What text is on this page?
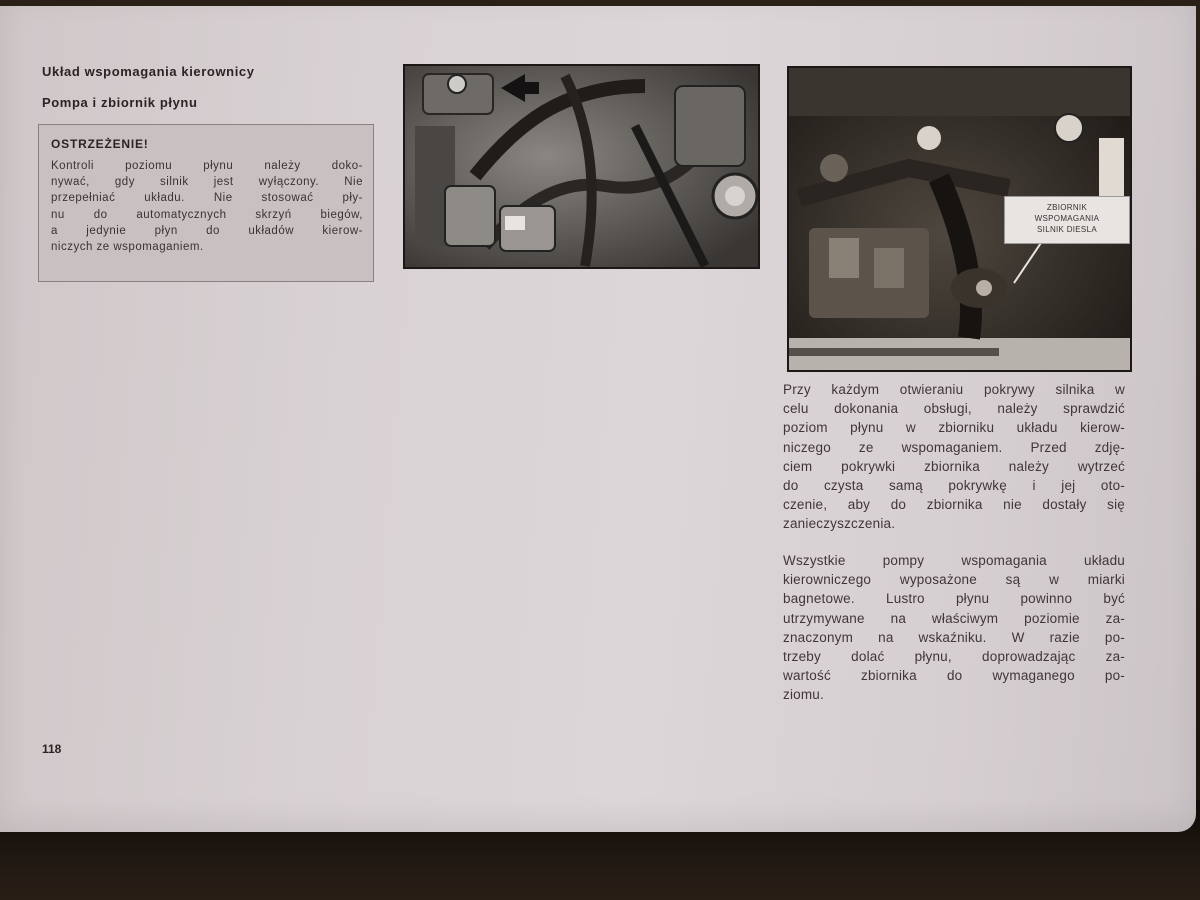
Układ wspomagania kierownicy
Pompa i zbiornik płynu
OSTRZEŻENIE!
Kontroli poziomu płynu należy doko-
nywać, gdy silnik jest wyłączony. Nie
przepełniać układu. Nie stosować pły-
nu do automatycznych skrzyń biegów,
a jedynie płyn do układów kierow-
niczych ze wspomaganiem.
ZBIORNIK
WSPOMAGANIA
SILNIK DIESLA
Przy każdym otwieraniu pokrywy silnika w
celu dokonania obsługi, należy sprawdzić
poziom płynu w zbiorniku układu kierow-
niczego ze wspomaganiem. Przed zdję-
ciem pokrywki zbiornika należy wytrzeć
do czysta samą pokrywkę i jej oto-
czenie, aby do zbiornika nie dostały się
zanieczyszczenia.
Wszystkie pompy wspomagania układu
kierowniczego wyposażone są w miarki
bagnetowe. Lustro płynu powinno być
utrzymywane na właściwym poziomie za-
znaczonym na wskaźniku. W razie po-
trzeby dolać płynu, doprowadzając za-
wartość zbiornika do wymaganego po-
ziomu.
118
